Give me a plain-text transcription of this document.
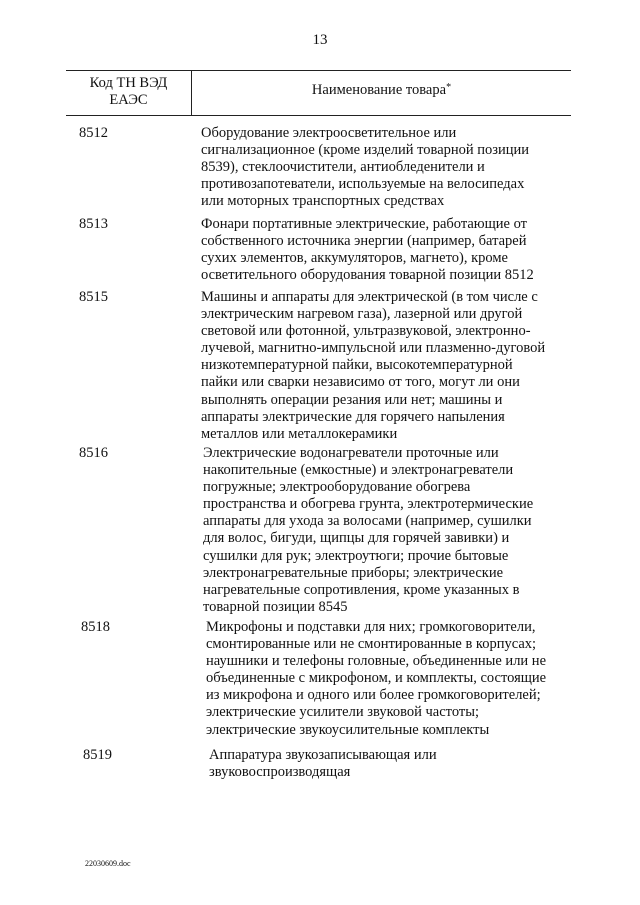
13
Код ТН ВЭД
ЕАЭС
Наименование товара*
8512	Оборудование электроосветительное или
сигнализационное (кроме изделий товарной позиции
8539), стеклоочистители, антиобледенители и
противозапотеватели, используемые на велосипедах
или моторных транспортных средствах
8513	Фонари портативные электрические, работающие от
собственного источника энергии (например, батарей
сухих элементов, аккумуляторов, магнето), кроме
осветительного оборудования товарной позиции 8512
8515	Машины и аппараты для электрической (в том числе с
электрическим нагревом газа), лазерной или другой
световой или фотонной, ультразвуковой, электронно-
лучевой, магнитно-импульсной или плазменно-дуговой
низкотемпературной пайки, высокотемпературной
пайки или сварки независимо от того, могут ли они
выполнять операции резания или нет; машины и
аппараты электрические для горячего напыления
металлов или металлокерамики
8516	Электрические водонагреватели проточные или
накопительные (емкостные) и электронагреватели
погружные; электрооборудование обогрева
пространства и обогрева грунта, электротермические
аппараты для ухода за волосами (например, сушилки
для волос, бигуди, щипцы для горячей завивки) и
сушилки для рук; электроутюги; прочие бытовые
электронагревательные приборы; электрические
нагревательные сопротивления, кроме указанных в
товарной позиции 8545
8518	Микрофоны и подставки для них; громкоговорители,
смонтированные или не смонтированные в корпусах;
наушники и телефоны головные, объединенные или не
объединенные с микрофоном, и комплекты, состоящие
из микрофона и одного или более громкоговорителей;
электрические усилители звуковой частоты;
электрические звукоусилительные комплекты
8519	Аппаратура звукозаписывающая или
звуковоспроизводящая
22030609.doc
